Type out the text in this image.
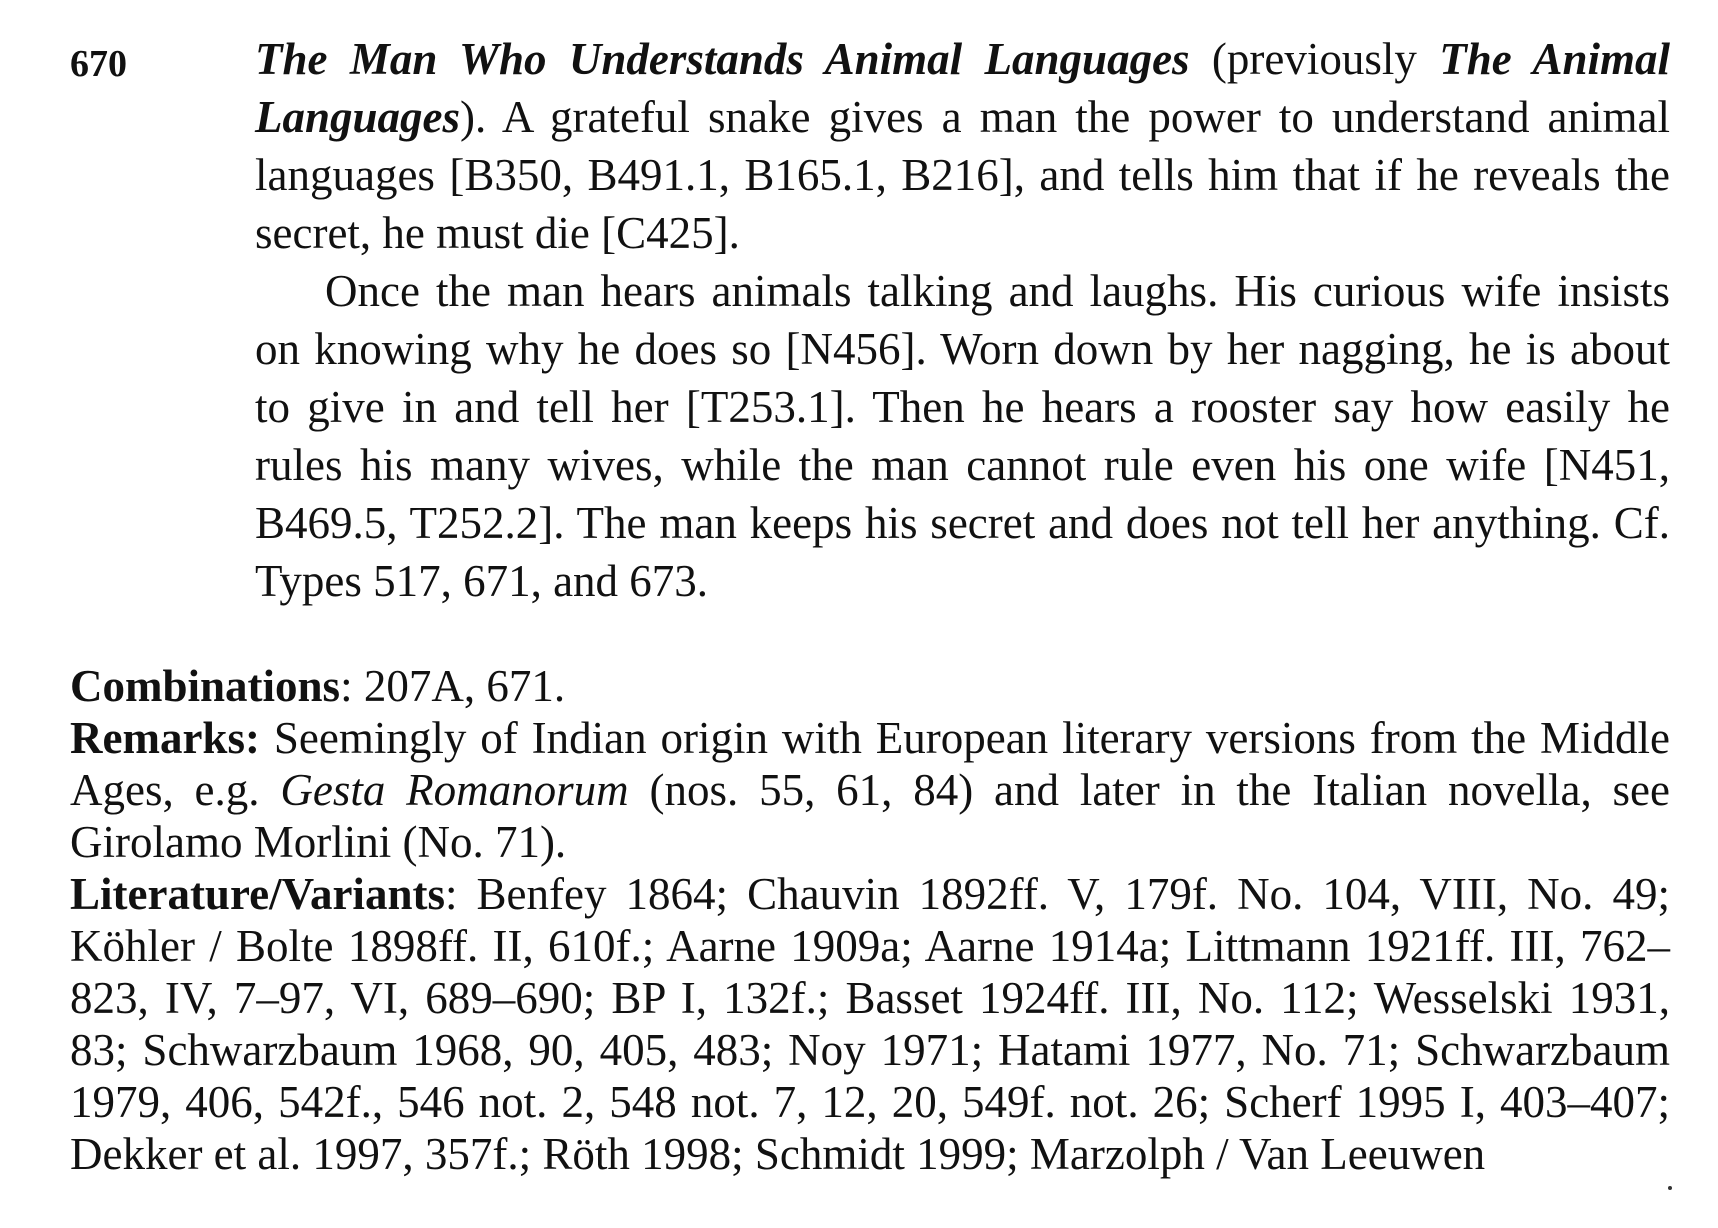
670	The Man Who Understands Animal Languages (previously The Animal Languages). A grateful snake gives a man the power to understand animal languages [B350, B491.1, B165.1, B216], and tells him that if he reveals the secret, he must die [C425].

Once the man hears animals talking and laughs. His curious wife insists on knowing why he does so [N456]. Worn down by her nagging, he is about to give in and tell her [T253.1]. Then he hears a rooster say how easily he rules his many wives, while the man cannot rule even his one wife [N451, B469.5, T252.2]. The man keeps his secret and does not tell her anything. Cf. Types 517, 671, and 673.

Combinations: 207A, 671.

Remarks: Seemingly of Indian origin with European literary versions from the Middle Ages, e.g. Gesta Romanorum (nos. 55, 61, 84) and later in the Italian novella, see Girolamo Morlini (No. 71).

Literature/Variants: Benfey 1864; Chauvin 1892ff. V, 179f. No. 104, VIII, No. 49; Köhler / Bolte 1898ff. II, 610f.; Aarne 1909a; Aarne 1914a; Littmann 1921ff. III, 762–823, IV, 7–97, VI, 689–690; BP I, 132f.; Basset 1924ff. III, No. 112; Wesselski 1931, 83; Schwarzbaum 1968, 90, 405, 483; Noy 1971; Hatami 1977, No. 71; Schwarzbaum 1979, 406, 542f., 546 not. 2, 548 not. 7, 12, 20, 549f. not. 26; Scherf 1995 I, 403–407; Dekker et al. 1997, 357f.; Röth 1998; Schmidt 1999; Marzolph / Van Leeuwen
